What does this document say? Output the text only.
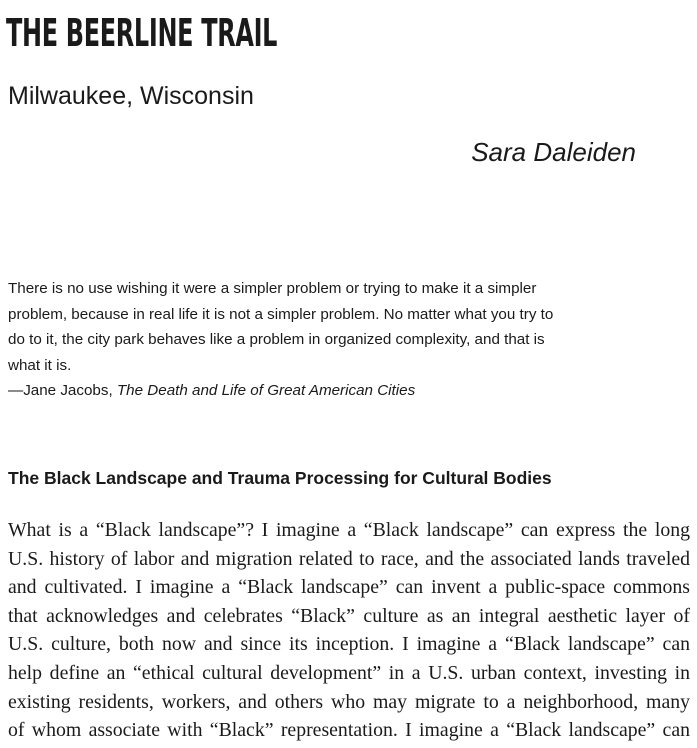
THE BEERLINE TRAIL
Milwaukee, Wisconsin

Sara Daleiden

There is no use wishing it were a simpler problem or trying to make it a simpler
problem, because in real life it is not a simpler problem. No matter what you try to
do to it, the city park behaves like a problem in organized complexity, and that is
what it is.
—Jane Jacobs, The Death and Life of Great American Cities
The Black Landscape and Trauma Processing for Cultural Bodies
What is a “Black landscape”? I imagine a “Black landscape” can express the long
U.S. history of labor and migration related to race, and the associated lands traveled
and cultivated. I imagine a “Black landscape” can invent a public-space commons
that acknowledges and celebrates “Black” culture as an integral aesthetic layer of
U.S. culture, both now and since its inception. I imagine a “Black landscape” can
help define an “ethical cultural development” in a U.S. urban context, investing in
existing residents, workers, and others who may migrate to a neighborhood, many
of whom associate with “Black” representation. I imagine a “Black landscape” can
